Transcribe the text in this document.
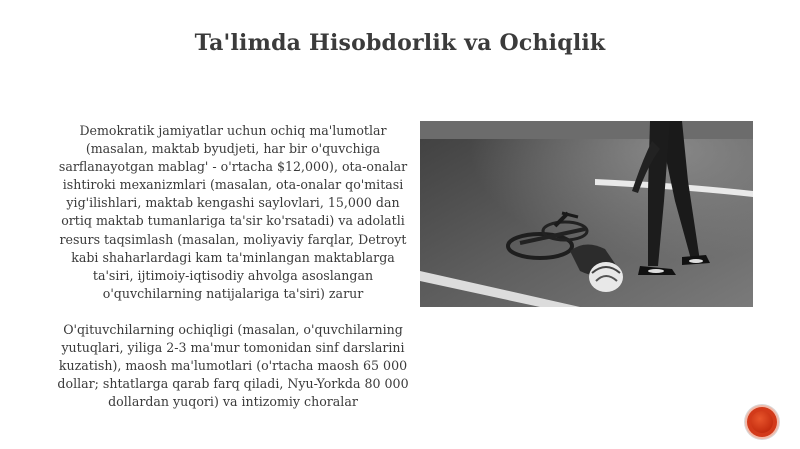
Ta'limda Hisobdorlik va Ochiqlik

Demokratik jamiyatlar uchun ochiq ma'lumotlar (masalan, maktab byudjeti, har bir o'quvchiga sarflanayotgan mablag' - o'rtacha $12,000), ota-onalar ishtiroki mexanizmlari (masalan, ota-onalar qo'mitasi yig'ilishlari, maktab kengashi saylovlari, 15,000 dan ortiq maktab tumanlariga ta'sir ko'rsatadi) va adolatli resurs taqsimlash (masalan, moliyaviy farqlar, Detroyt kabi shaharlardagi kam ta'minlangan maktablarga ta'siri, ijtimoiy-iqtisodiy ahvolga asoslangan o'quvchilarning natijalariga ta'siri) zarur

O'qituvchilarning ochiqligi (masalan, o'quvchilarning yutuqlari, yiliga 2-3 ma'mur tomonidan sinf darslarini kuzatish), maosh ma'lumotlari (o'rtacha maosh 65 000 dollar; shtatlarga qarab farq qiladi, Nyu-Yorkda 80 000 dollardan yuqori) va intizomiy choralar
